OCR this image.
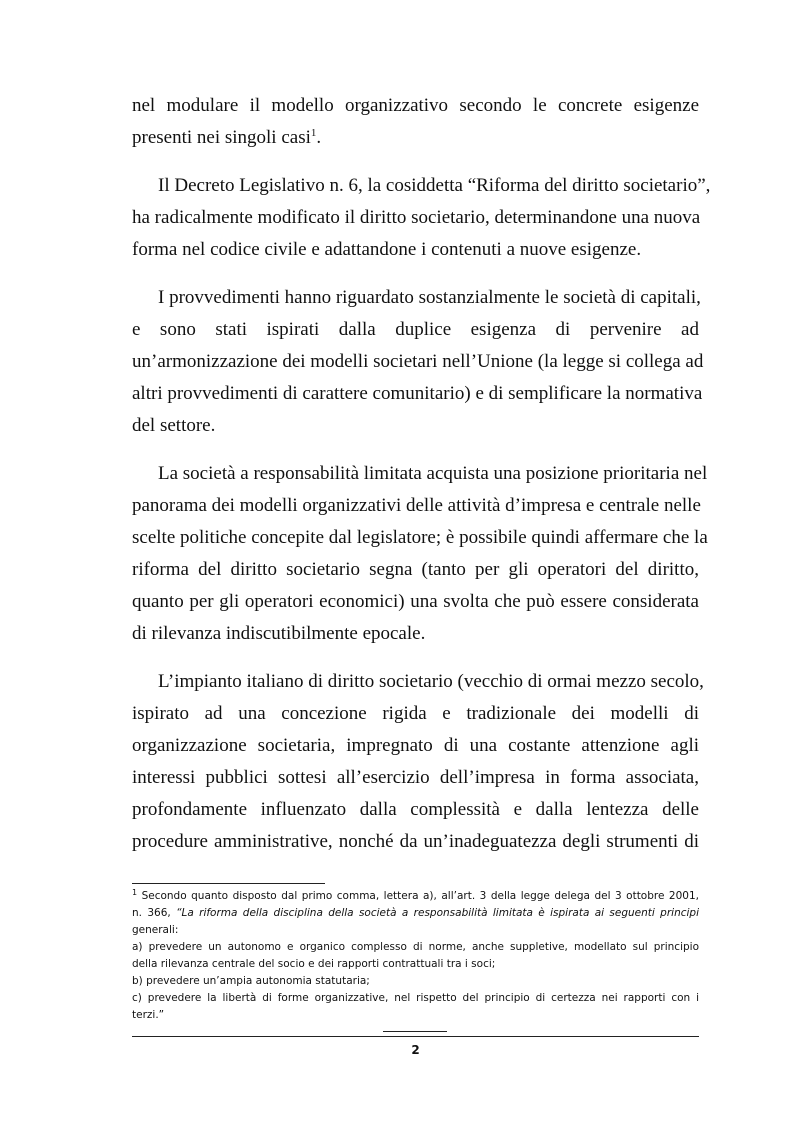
nel modulare il modello organizzativo secondo le concrete esigenze
presenti nei singoli casi$^1$.
Il Decreto Legislativo n. 6, la cosiddetta “Riforma del diritto societario”,
ha radicalmente modificato il diritto societario, determinandone una nuova
forma nel codice civile e adattandone i contenuti a nuove esigenze.
I provvedimenti hanno riguardato sostanzialmente le società di capitali,
e sono stati ispirati dalla duplice esigenza di pervenire ad
un’armonizzazione dei modelli societari nell’Unione (la legge si collega ad
altri provvedimenti di carattere comunitario) e di semplificare la normativa
del settore.
La società a responsabilità limitata acquista una posizione prioritaria nel
panorama dei modelli organizzativi delle attività d’impresa e centrale nelle
scelte politiche concepite dal legislatore; è possibile quindi affermare che la
riforma del diritto societario segna (tanto per gli operatori del diritto,
quanto per gli operatori economici) una svolta che può essere considerata
di rilevanza indiscutibilmente epocale.
L’impianto italiano di diritto societario (vecchio di ormai mezzo secolo,
ispirato ad una concezione rigida e tradizionale dei modelli di
organizzazione societaria, impregnato di una costante attenzione agli
interessi pubblici sottesi all’esercizio dell’impresa in forma associata,
profondamente influenzato dalla complessità e dalla lentezza delle
procedure amministrative, nonché da un’inadeguatezza degli strumenti di
$^1$ Secondo quanto disposto dal primo comma, lettera a), all’art. 3 della legge delega del 3 ottobre 2001,
n. 366, “La riforma della disciplina della società a responsabilità limitata è ispirata ai seguenti principi
generali:
a) prevedere un autonomo e organico complesso di norme, anche suppletive, modellato sul principio
della rilevanza centrale del socio e dei rapporti contrattuali tra i soci;
b) prevedere un’ampia autonomia statutaria;
c) prevedere la libertà di forme organizzative, nel rispetto del principio di certezza nei rapporti con i
terzi.”
2
